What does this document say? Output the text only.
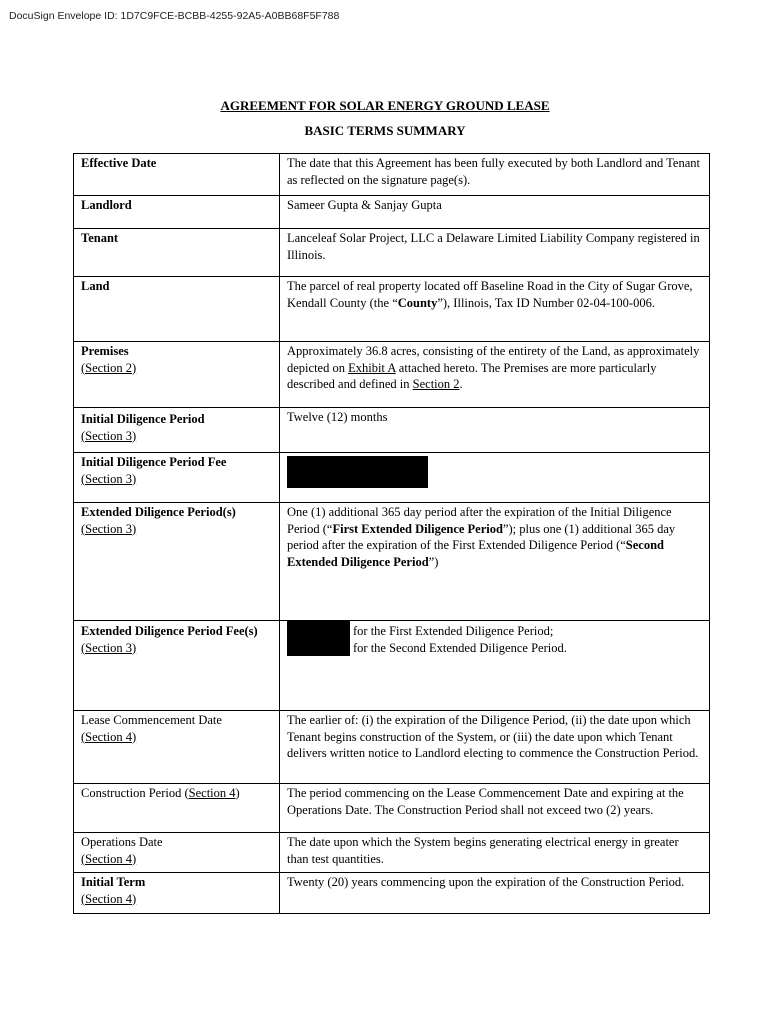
DocuSign Envelope ID: 1D7C9FCE-BCBB-4255-92A5-A0BB68F5F788
AGREEMENT FOR SOLAR ENERGY GROUND LEASE
BASIC TERMS SUMMARY
Effective Date	The date that this Agreement has been fully executed by both Landlord and Tenant as reflected on the signature page(s).
Landlord	Sameer Gupta & Sanjay Gupta
Tenant	Lanceleaf Solar Project, LLC a Delaware Limited Liability Company registered in Illinois.
Land	The parcel of real property located off Baseline Road in the City of Sugar Grove, Kendall County (the “County”), Illinois, Tax ID Number 02-04-100-006.
Premises
(Section 2)	Approximately 36.8 acres, consisting of the entirety of the Land, as approximately depicted on Exhibit A attached hereto. The Premises are more particularly described and defined in Section 2.
Initial Diligence Period
(Section 3)	Twelve (12) months
Initial Diligence Period Fee
(Section 3)	
Extended Diligence Period(s)
(Section 3)	One (1) additional 365 day period after the expiration of the Initial Diligence Period (“First Extended Diligence Period”); plus one (1) additional 365 day period after the expiration of the First Extended Diligence Period (“Second Extended Diligence Period”)
Extended Diligence Period Fee(s) (Section 3)	for the First Extended Diligence Period;
for the Second Extended Diligence Period.

Lease Commencement Date
(Section 4)	The earlier of: (i) the expiration of the Diligence Period, (ii) the date upon which Tenant begins construction of the System, or (iii) the date upon which Tenant delivers written notice to Landlord electing to commence the Construction Period.
Construction Period (Section 4)	The period commencing on the Lease Commencement Date and expiring at the Operations Date. The Construction Period shall not exceed two (2) years.
Operations Date
(Section 4)	The date upon which the System begins generating electrical energy in greater than test quantities.
Initial Term
(Section 4)	Twenty (20) years commencing upon the expiration of the Construction Period.
